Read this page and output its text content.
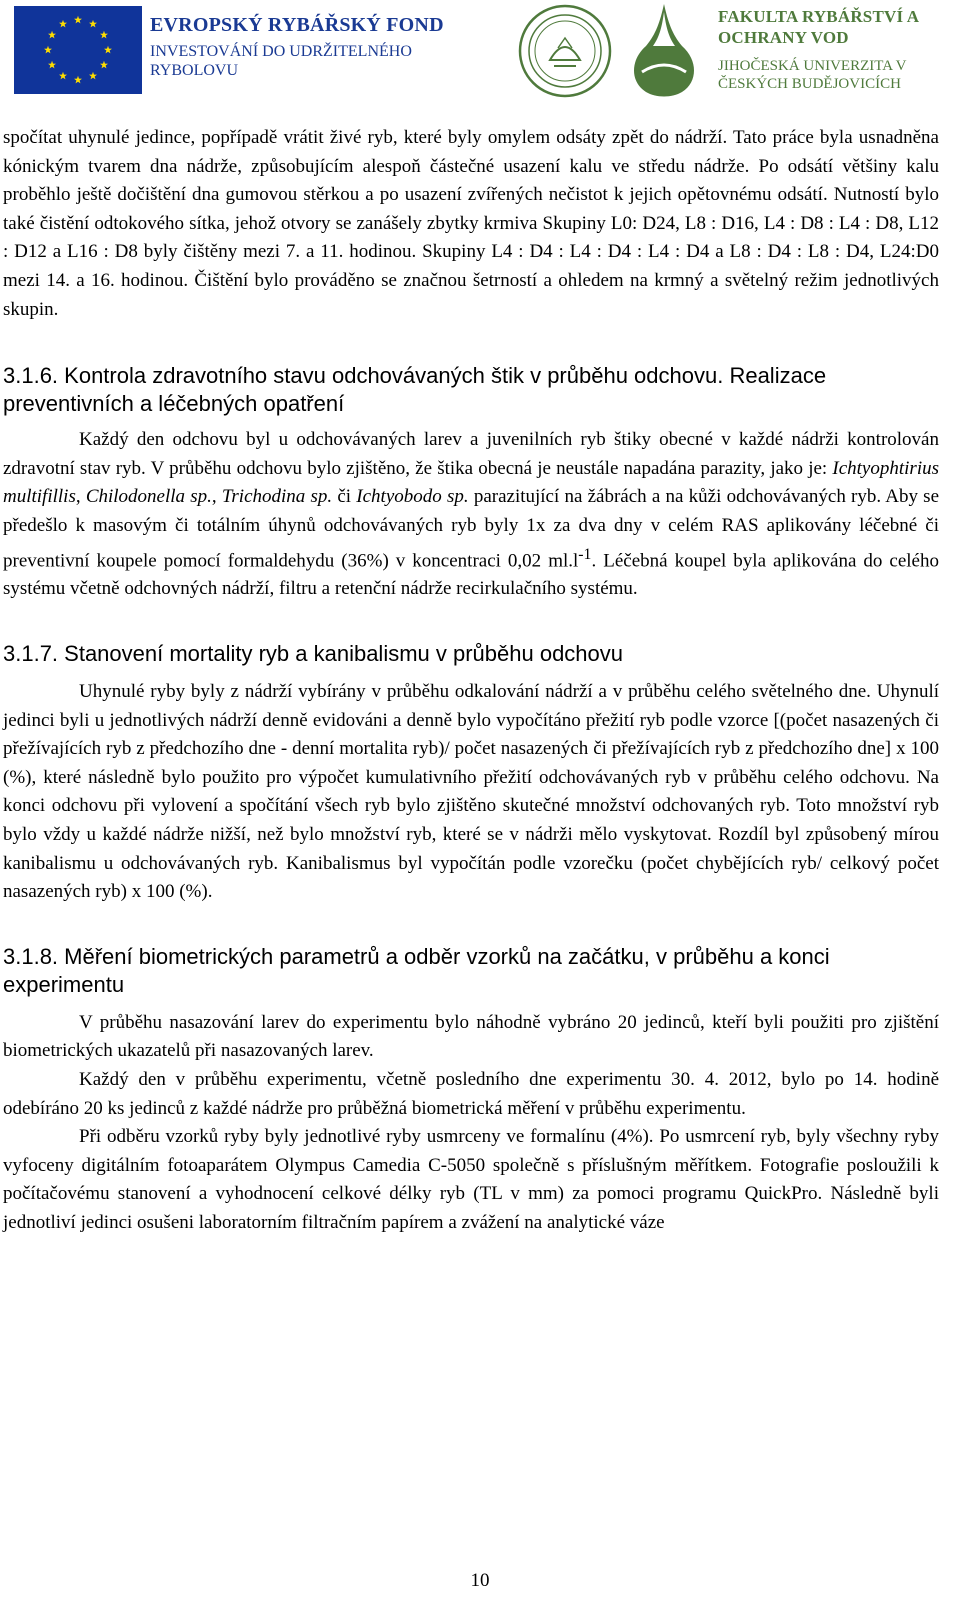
EVROPSKÝ RYBÁŘSKÝ FOND
INVESTOVÁNÍ DO UDRŽITELNÉHO RYBOLOVU
FAKULTA RYBÁŘSTVÍ A OCHRANY VOD
JIHOČESKÁ UNIVERZITA V ČESKÝCH BUDĚJOVICÍCH

spočítat uhynulé jedince, popřípadě vrátit živé ryb, které byly omylem odsáty zpět do nádrží. Tato práce byla usnadněna kónickým tvarem dna nádrže, způsobujícím alespoň částečné usazení kalu ve středu nádrže. Po odsátí většiny kalu proběhlo ještě dočištění dna gumovou stěrkou a po usazení zvířených nečistot k jejich opětovnému odsátí. Nutností bylo také čistění odtokového sítka, jehož otvory se zanášely zbytky krmiva Skupiny L0: D24, L8 : D16, L4 : D8 : L4 : D8, L12 : D12 a L16 : D8 byly čištěny mezi 7. a 11. hodinou. Skupiny L4 : D4 : L4 : D4 : L4 : D4 a L8 : D4 : L8 : D4, L24:D0 mezi 14. a 16. hodinou. Čištění bylo prováděno se značnou šetrností a ohledem na krmný a světelný režim jednotlivých skupin.

3.1.6. Kontrola zdravotního stavu odchovávaných štik v průběhu odchovu. Realizace preventivních a léčebných opatření

Každý den odchovu byl u odchovávaných larev a juvenilních ryb štiky obecné v každé nádrži kontrolován zdravotní stav ryb. V průběhu odchovu bylo zjištěno, že štika obecná je neustále napadána parazity, jako je: Ichtyophtirius multifillis, Chilodonella sp., Trichodina sp. či Ichtyobodo sp. parazitující na žábrách a na kůži odchovávaných ryb. Aby se předešlo k masovým či totálním úhynů odchovávaných ryb byly 1x za dva dny v celém RAS aplikovány léčebné či preventivní koupele pomocí formaldehydu (36%) v koncentraci 0,02 $ml.l^{-1}$. Léčebná koupel byla aplikována do celého systému včetně odchovných nádrží, filtru a retenční nádrže recirkulačního systému.

3.1.7. Stanovení mortality ryb a kanibalismu v průběhu odchovu

Uhynulé ryby byly z nádrží vybírány v průběhu odkalování nádrží a v průběhu celého světelného dne. Uhynulí jedinci byli u jednotlivých nádrží denně evidováni a denně bylo vypočítáno přežití ryb podle vzorce [(počet nasazených či přežívajících ryb z předchozího dne - denní mortalita ryb)/ počet nasazených či přežívajících ryb z předchozího dne] x 100 (%), které následně bylo použito pro výpočet kumulativního přežití odchovávaných ryb v průběhu celého odchovu. Na konci odchovu při vylovení a spočítání všech ryb bylo zjištěno skutečné množství odchovaných ryb. Toto množství ryb bylo vždy u každé nádrže nižší, než bylo množství ryb, které se v nádrži mělo vyskytovat. Rozdíl byl způsobený mírou kanibalismu u odchovávaných ryb. Kanibalismus byl vypočítán podle vzorečku (počet chybějících ryb/ celkový počet nasazených ryb) x 100 (%).

3.1.8. Měření biometrických parametrů a odběr vzorků na začátku, v průběhu a konci experimentu

V průběhu nasazování larev do experimentu bylo náhodně vybráno 20 jedinců, kteří byli použiti pro zjištění biometrických ukazatelů při nasazovaných larev.

Každý den v průběhu experimentu, včetně posledního dne experimentu 30. 4. 2012, bylo po 14. hodině odebíráno 20 ks jedinců z každé nádrže pro průběžná biometrická měření v průběhu experimentu.

Při odběru vzorků ryby byly jednotlivé ryby usmrceny ve formalínu (4%). Po usmrcení ryb, byly všechny ryby vyfoceny digitálním fotoaparátem Olympus Camedia C-5050 společně s příslušným měřítkem. Fotografie posloužili k počítačovému stanovení a vyhodnocení celkové délky ryb (TL v mm) za pomoci programu QuickPro. Následně byli jednotliví jedinci osušeni laboratorním filtračním papírem a zvážení na analytické váze

10
